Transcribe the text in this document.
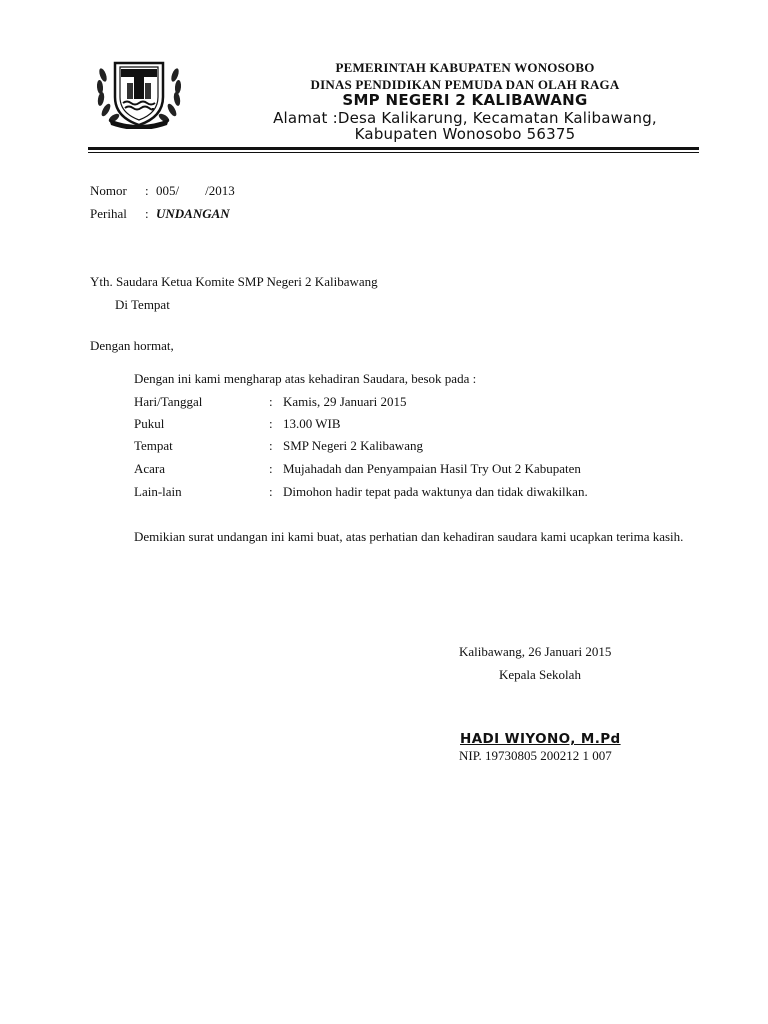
PEMERINTAH KABUPATEN WONOSOBO
DINAS PENDIDIKAN PEMUDA DAN OLAH RAGA
SMP NEGERI 2 KALIBAWANG
Alamat :Desa Kalikarung, Kecamatan Kalibawang,
Kabupaten Wonosobo 56375
Nomor : 005/        /2013
Perihal : UNDANGAN
Yth. Saudara Ketua Komite SMP Negeri 2 Kalibawang
Di Tempat
Dengan hormat,
Dengan ini kami mengharap atas kehadiran Saudara, besok pada :
Hari/Tanggal	: Kamis, 29 Januari 2015
Pukul	: 13.00 WIB
Tempat	: SMP Negeri 2 Kalibawang
Acara	: Mujahadah dan Penyampaian Hasil Try Out 2 Kabupaten
Lain-lain	: Dimohon hadir tepat pada waktunya dan tidak diwakilkan.
Demikian surat undangan ini kami buat, atas perhatian dan kehadiran saudara kami ucapkan terima kasih.
Kalibawang, 26 Januari 2015
Kepala Sekolah
HADI WIYONO, M.Pd
NIP. 19730805 200212 1 007
